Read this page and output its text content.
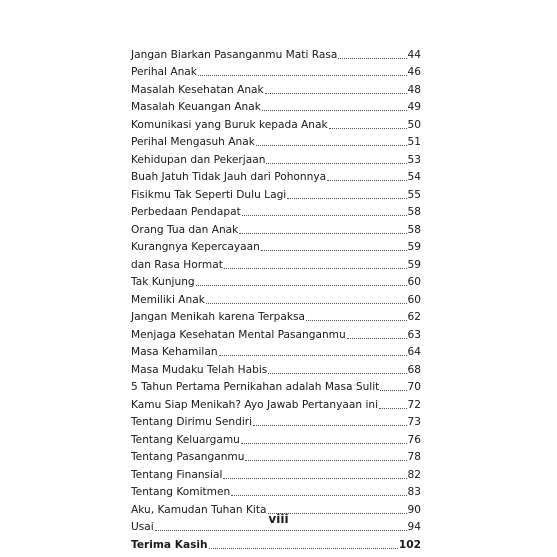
Jangan Biarkan Pasanganmu Mati Rasa	44
Perihal Anak	46
Masalah Kesehatan Anak	48
Masalah Keuangan Anak	49
Komunikasi yang Buruk kepada Anak	50
Perihal Mengasuh Anak	51
Kehidupan dan Pekerjaan	53
Buah Jatuh Tidak Jauh dari Pohonnya	54
Fisikmu Tak Seperti Dulu Lagi	55
Perbedaan Pendapat	58
Orang Tua dan Anak	58
Kurangnya Kepercayaan	59
dan Rasa Hormat	59
Tak Kunjung	60
Memiliki Anak	60
Jangan Menikah karena Terpaksa	62
Menjaga Kesehatan Mental Pasanganmu	63
Masa Kehamilan	64
Masa Mudaku Telah Habis	68
5 Tahun Pertama Pernikahan adalah Masa Sulit	70
Kamu Siap Menikah? Ayo Jawab Pertanyaan ini	72
Tentang Dirimu Sendiri	73
Tentang Keluargamu	76
Tentang Pasanganmu	78
Tentang Finansial	82
Tentang Komitmen	83
Aku, Kamudan Tuhan Kita	90
Usai	94
Terima Kasih	102
viii
